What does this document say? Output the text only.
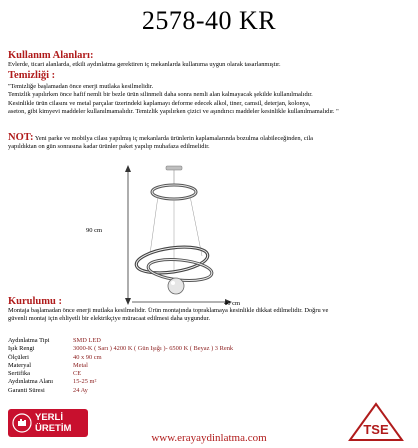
2578-40 KR
Kullanım Alanları:
Evlerde, ticari alanlarda, etkili aydınlatma gerektiren iç mekanlarda kullanıma uygun olarak tasarlanmıştır.
Temizliği :
"Temizliğe başlamadan önce enerji mutlaka kesilmelidir.
Temizlik yapılırken önce hafif nemli bir bezle ürün silinmeli daha sonra nemli alan kalmayacak şekilde kullanılmalıdır.
Kesinlikle ürün cilasını ve metal parçalar üzerindeki kaplamayı deforme edecek alkol, tiner, camsil, deterjan, kolonya,
aseton, gibi kimyevi maddeler kullanılmamalıdır. Temizlik yapılırken çizici ve aşındırıcı maddeler kesinlikle kullanılmamalıdır. "
NOT: Yeni parke ve mobilya cilası yapılmış iç mekanlarda ürünlerin kaplamalarında bozulma olabileceğinden, cila
yapıldıktan on gün sonrasına kadar ürünler paket yapılıp muhafaza edilmelidir.
90 cm
40 cm
Kurulumu :
Montaja başlamadan önce enerji mutlaka kesilmelidir. Ürün montajında topraklamaya kesinlikle dikkat edilmelidir. Doğru ve
güvenli montaj için ehliyetli bir elektrikçiye müracaat edilmesi daha uygundur.
Aydınlatma Tipi	SMD LED
Işık Rengi	3000-K ( Sarı ) 4200 K ( Gün Işığı )- 6500 K ( Beyaz ) 3 Renk
Ölçüleri	40 x 90 cm
Materyal	Metal
Sertifika	CE
Aydınlatma Alanı	15-25 m²
Garanti Süresi	24 Ay
YERLİ
ÜRETİM	TSE
www.erayaydinlatma.com
